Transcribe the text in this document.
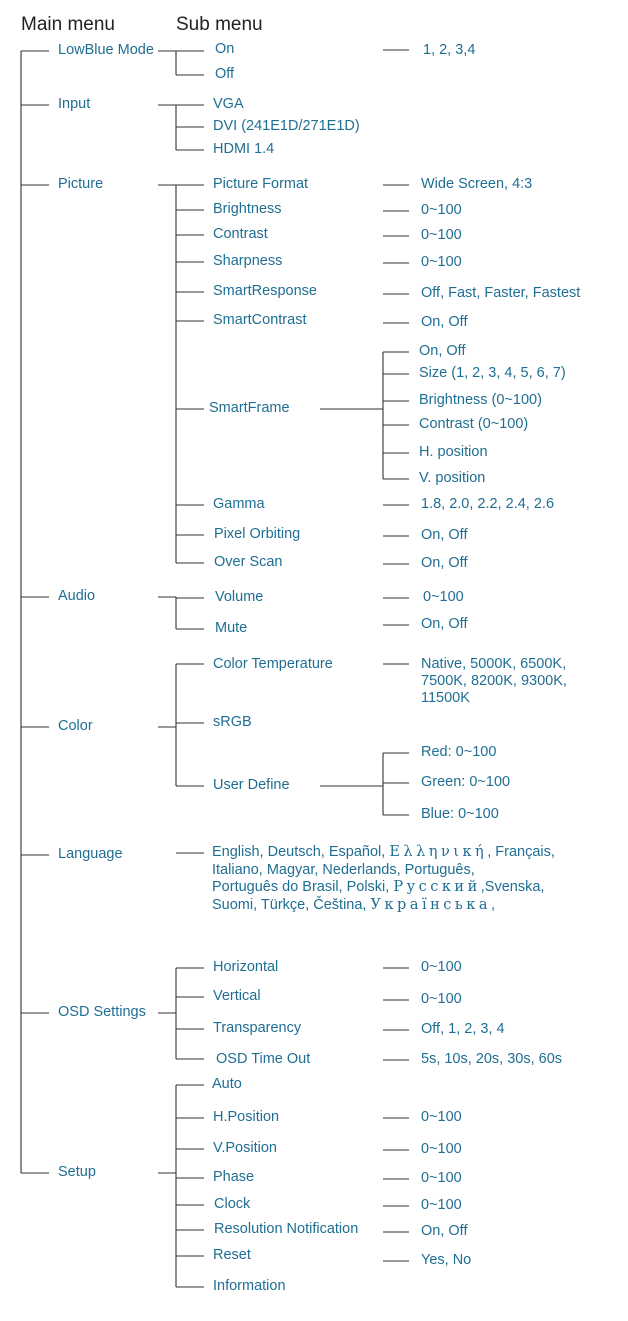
Main menu	Sub menu
LowBlue Mode
Input
Picture
Audio
Color
Language
OSD Settings
Setup
On
Off
1, 2, 3,4
VGA
DVI (241E1D/271E1D)
HDMI 1.4
Picture Format
Brightness
Contrast
Sharpness
SmartResponse
SmartContrast
SmartFrame
Gamma
Pixel Orbiting
Over Scan
Wide Screen, 4:3
0~100
0~100
0~100
Off, Fast, Faster, Fastest
On, Off
1.8, 2.0, 2.2, 2.4, 2.6
On, Off
On, Off
On, Off
Size (1, 2, 3, 4, 5, 6, 7)
Brightness (0~100)
Contrast (0~100)
H. position
V. position
Volume
Mute
0~100
On, Off
Color Temperature
sRGB
User Define
Native, 5000K, 6500K,
7500K, 8200K, 9300K,
11500K
Red: 0~100
Green: 0~100
Blue: 0~100
English, Deutsch, Español, Ελληνική, Français,
Italiano, Magyar, Nederlands, Português,
Português do Brasil, Polski, Русский,Svenska,
Suomi, Türkçe, Čeština, Українська,
Horizontal
Vertical
Transparency
OSD Time Out
0~100
0~100
Off, 1, 2, 3, 4
5s, 10s, 20s, 30s, 60s
Auto
H.Position
V.Position
Phase
Clock
Resolution Notification
Reset
Information
0~100
0~100
0~100
0~100
On, Off
Yes, No
